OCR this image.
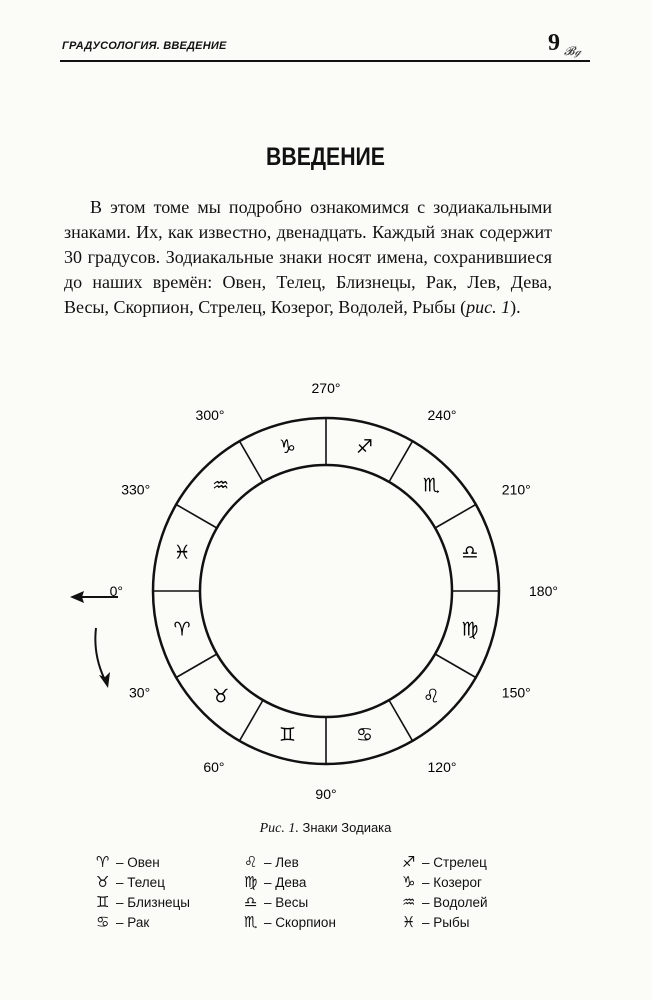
ГРАДУСОЛОГИЯ. ВВЕДЕНИЕ	9 𝓑ℊ
ВВЕДЕНИЕ
В этом томе мы подробно ознакомимся с зодиакальными знаками. Их, как известно, двенадцать. Каждый знак содержит 30 градусов. Зодиакальные знаки носят имена, сохранившиеся до наших времён: Овен, Телец, Близнецы, Рак, Лев, Дева, Весы, Скорпион, Стрелец, Козерог, Водолей, Рыбы (рис. 1).
0°
30°
60°
90°
120°
150°
180°
210°
240°
270°
300°
330°
♈
♉
♊	♋
♌
♍
♎
♏
♐
♑
♒
♓
Рис. 1. Знаки Зодиака
♈ – Овен
♉ – Телец
♊ – Близнецы
♋ – Рак
♌ – Лев
♍ – Дева
♎ – Весы
♏ – Скорпион
♐ – Стрелец
♑ – Козерог
♒ – Водолей
♓ – Рыбы
